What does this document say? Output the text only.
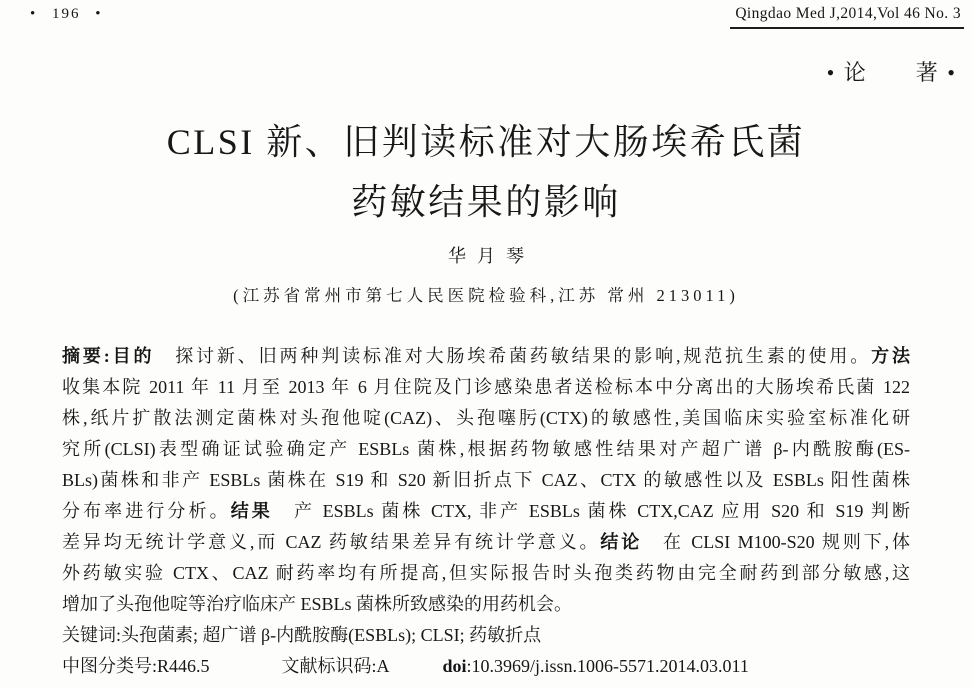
• 196 •	Qingdao Med J,2014,Vol 46 No. 3
• 论　　著 •
CLSI 新、旧判读标准对大肠埃希氏菌
药敏结果的影响
华月琴
(江苏省常州市第七人民医院检验科,江苏 常州 213011)
摘要:目的　探讨新、旧两种判读标准对大肠埃希菌药敏结果的影响,规范抗生素的使用。方法
收集本院 2011 年 11 月至 2013 年 6 月住院及门诊感染患者送检标本中分离出的大肠埃希氏菌 122
株,纸片扩散法测定菌株对头孢他啶(CAZ)、头孢噻肟(CTX)的敏感性,美国临床实验室标准化研
究所(CLSI)表型确证试验确定产 ESBLs 菌株,根据药物敏感性结果对产超广谱 β-内酰胺酶(ES-
BLs)菌株和非产 ESBLs 菌株在 S19 和 S20 新旧折点下 CAZ、CTX 的敏感性以及 ESBLs 阳性菌株
分布率进行分析。结果　产 ESBLs 菌株 CTX, 非产 ESBLs 菌株 CTX,CAZ 应用 S20 和 S19 判断
差异均无统计学意义,而 CAZ 药敏结果差异有统计学意义。结论　在 CLSI M100-S20 规则下,体
外药敏实验 CTX、CAZ 耐药率均有所提高,但实际报告时头孢类药物由完全耐药到部分敏感,这
增加了头孢他啶等治疗临床产 ESBLs 菌株所致感染的用药机会。
关键词:头孢菌素; 超广谱 β-内酰胺酶(ESBLs); CLSI; 药敏折点
中图分类号:R446.5　　　　	文献标识码:A　　　	doi:10.3969/j.issn.1006-5571.2014.03.011
